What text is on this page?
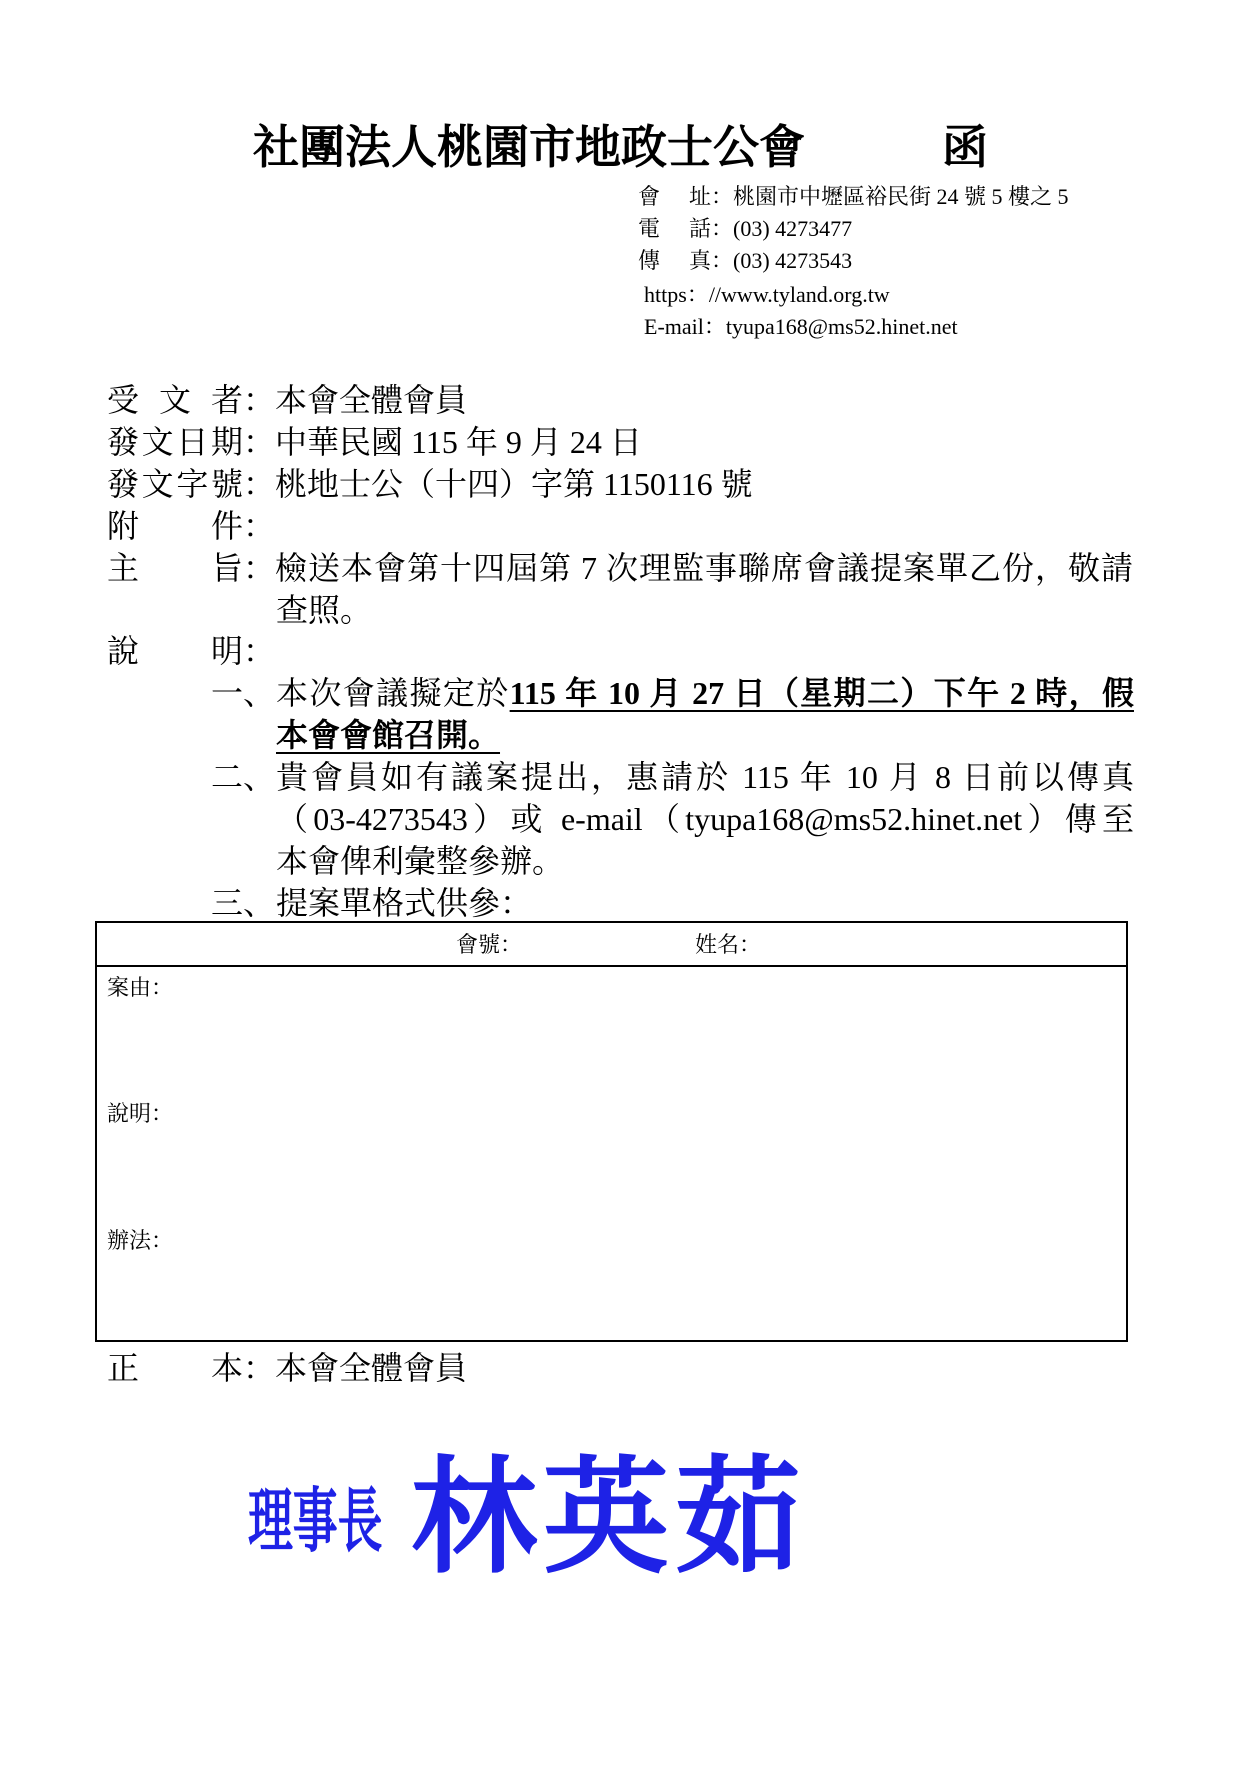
社團法人桃園市地政士公會	函
會址：桃園市中壢區裕民街 24 號 5 樓之 5
電話：(03) 4273477
傳真：(03) 4273543
https：//www.tyland.org.tw
E-mail：tyupa168@ms52.hinet.net
受文者：本會全體會員
發文日期：中華民國 115 年 9 月 24 日
發文字號：桃地士公（十四）字第 1150116 號
附件：
主旨：檢送本會第十四屆第 7 次理監事聯席會議提案單乙份，敬請
查照。
說明：
一、本次會議擬定於115 年 10 月 27 日（星期二）下午 2 時，假
本會會館召開。
二、貴會員如有議案提出，惠請於 115 年 10 月 8 日前以傳真
（03-4273543）或 e-mail（tyupa168@ms52.hinet.net）傳至
本會俾利彙整參辦。
三、提案單格式供參：
會號：	姓名：
案由：
說明：
辦法：
正本：本會全體會員
理事長 林英茹
